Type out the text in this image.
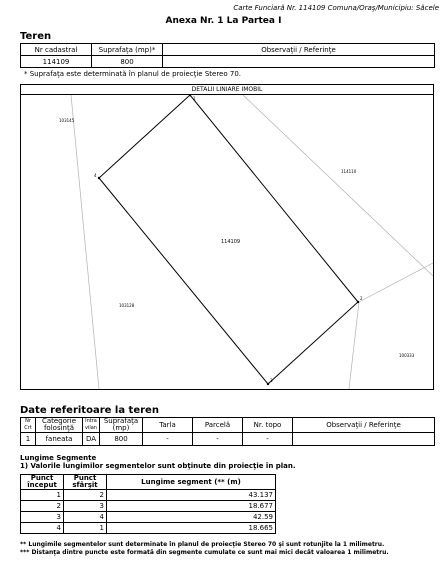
Carte Funciară Nr. 114109 Comuna/Oraş/Municipiu: Săcele
Anexa Nr. 1 La Partea I
Teren
Nr cadastral	Suprafaţa (mp)*	Observaţii / Referinţe
114109	800	
* Suprafaţa este determinată în planul de proiecţie Stereo 70.
DETALII LINIARE IMOBIL
1
2
3
4
114109
103145
114110
103128
100333
Date referitoare la teren
Nr Crt	Categorie folosinţă	Intra vilan	Suprafaţa (mp)	Tarla	Parcelă	Nr. topo	Observaţii / Referinţe
1	faneata	DA	800	-	-	-	
Lungime Segmente
1) Valorile lungimilor segmentelor sunt obţinute din proiecţie în plan.
Punct început	Punct sfârşit	Lungime segment (** (m)
1	2	43.137
2	3	18.677
3	4	42.59
4	1	18.665
** Lungimile segmentelor sunt determinate în planul de proiecţie Stereo 70 şi sunt rotunjite la 1 milimetru.
*** Distanţa dintre puncte este formată din segmente cumulate ce sunt mai mici decât valoarea 1 milimetru.
